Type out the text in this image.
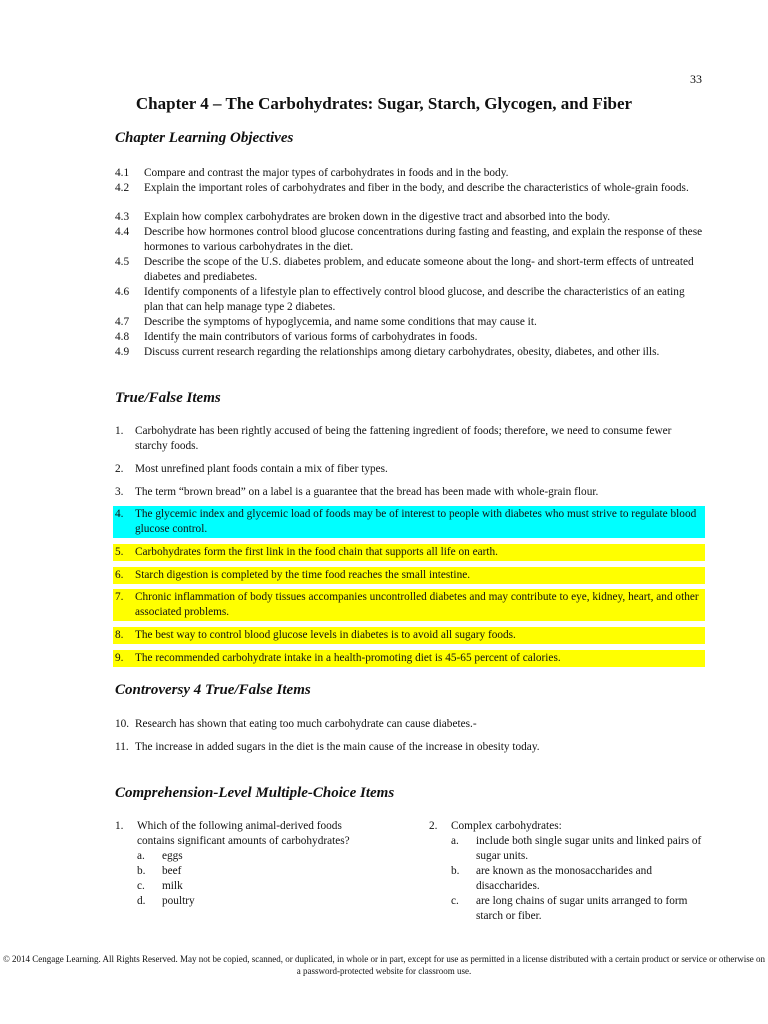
33
Chapter 4 – The Carbohydrates: Sugar, Starch, Glycogen, and Fiber
Chapter Learning Objectives
4.1 Compare and contrast the major types of carbohydrates in foods and in the body.
4.2 Explain the important roles of carbohydrates and fiber in the body, and describe the characteristics of whole-grain foods.
4.3 Explain how complex carbohydrates are broken down in the digestive tract and absorbed into the body.
4.4 Describe how hormones control blood glucose concentrations during fasting and feasting, and explain the response of these hormones to various carbohydrates in the diet.
4.5 Describe the scope of the U.S. diabetes problem, and educate someone about the long- and short-term effects of untreated diabetes and prediabetes.
4.6 Identify components of a lifestyle plan to effectively control blood glucose, and describe the characteristics of an eating plan that can help manage type 2 diabetes.
4.7 Describe the symptoms of hypoglycemia, and name some conditions that may cause it.
4.8 Identify the main contributors of various forms of carbohydrates in foods.
4.9 Discuss current research regarding the relationships among dietary carbohydrates, obesity, diabetes, and other ills.
True/False Items
1. Carbohydrate has been rightly accused of being the fattening ingredient of foods; therefore, we need to consume fewer starchy foods.
2. Most unrefined plant foods contain a mix of fiber types.
3. The term “brown bread” on a label is a guarantee that the bread has been made with whole-grain flour.
4. The glycemic index and glycemic load of foods may be of interest to people with diabetes who must strive to regulate blood glucose control.
5. Carbohydrates form the first link in the food chain that supports all life on earth.
6. Starch digestion is completed by the time food reaches the small intestine.
7. Chronic inflammation of body tissues accompanies uncontrolled diabetes and may contribute to eye, kidney, heart, and other associated problems.
8. The best way to control blood glucose levels in diabetes is to avoid all sugary foods.
9. The recommended carbohydrate intake in a health-promoting diet is 45-65 percent of calories.
Controversy 4 True/False Items
10. Research has shown that eating too much carbohydrate can cause diabetes.-
11. The increase in added sugars in the diet is the main cause of the increase in obesity today.
Comprehension-Level Multiple-Choice Items
1. Which of the following animal-derived foods contains significant amounts of carbohydrates?
a. eggs
b. beef
c. milk
d. poultry
2. Complex carbohydrates:
a. include both single sugar units and linked pairs of sugar units.
b. are known as the monosaccharides and disaccharides.
c. are long chains of sugar units arranged to form starch or fiber.
© 2014 Cengage Learning. All Rights Reserved. May not be copied, scanned, or duplicated, in whole or in part, except for use as permitted in a license distributed with a certain product or service or otherwise on a password-protected website for classroom use.
